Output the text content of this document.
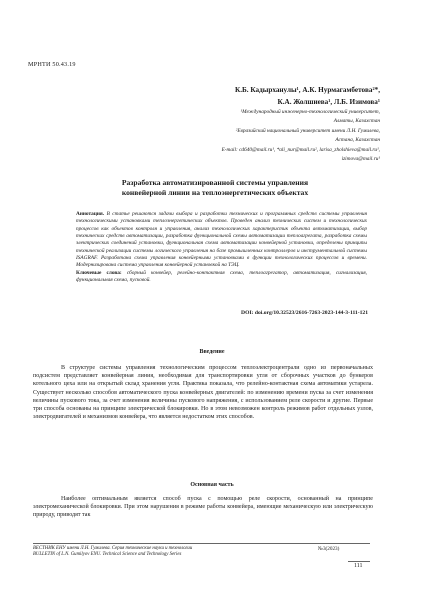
МРНТИ 50.43.19
К.Б. Кадырханулы¹, А.К. Нурмагамбетова²*,
К.А. Жолшиева¹, Л.Б. Изимова¹
¹Международный инженерно-технологический университет,
Алматы, Казахстан
²Евразийский национальный университет имени Л.Н. Гумилева,
Астана, Казахстан
E-mail: cd640@mail.ru¹, *ali_nur@mail.ru², larisa_zholshieva@mail.ru¹,
izimova@mail.ru¹
Разработка автоматизированной системы управления
конвейерной линии на теплоэнергетических объектах

Аннотация. В статье решаются задачи выбора и разработки технических и программных средств системы управления технологическими установками теплоэнергетических объектов. Проведен анализ технических систем и технологических процессов как объектов контроля и управления, анализ технологических характеристик объекта автоматизации, выбор технических средств автоматизации, разработка функциональной схемы автоматизации теплоагрегата, разработка схемы электрических соединений установки, функциональная схема автоматизации конвейерной установки, определены принципы технической реализации системы логического управления на базе промышленных контроллеров и инструментальной системы ISAGRAF. Разработана схема управления конвейерными установками в функции технологических процессов и времени. Модернизирована система управления конвейерной установкой на ТЭЦ.

Ключевые слова: сборный конвейер, релейно-контактная схема, теплоагрегатор, автоматизация, сигнализация, функциональная схема, пусковой.

DOI: doi.org/10.32523/2616-7263-2023-144-3-111-121
Введение

В структуре системы управления технологическим процессом теплоэлектроцентрали одно из первоначальных подсистем представляет конвейерная линия, необходимая для транспортировки угля от сборочных участков до бункеров котельного цеха или на открытый склад хранения угля. Практика показала, что релейно-контактная схема автоматики устарела. Существует несколько способов автоматического пуска конвейерных двигателей: по изменению времени пуска за счет изменения величины пускового тока, за счет изменения величины пускового напряжения, с использованием реле скорости и другие. Первые три способа основаны на принципе электрической блокировки. Но в этом невозможен контроль режимов работ отдельных узлов, электродвигателей и механизмов конвейера, что является недостатком этих способов.

Основная часть

Наиболее оптимальным является способ пуска с помощью реле скорости, основанный на принципе электромеханической блокировки. При этом нарушения в режиме работы конвейера, имеющие механическую или электрическую природу, приводят так

ВЕСТНИК ЕНУ имени Л.Н. Гумилева. Серия технические науки и технологии
BULLETIN of L.N. Gumilyov ENU. Technical Science and Technology Series
№3(2023)
111
